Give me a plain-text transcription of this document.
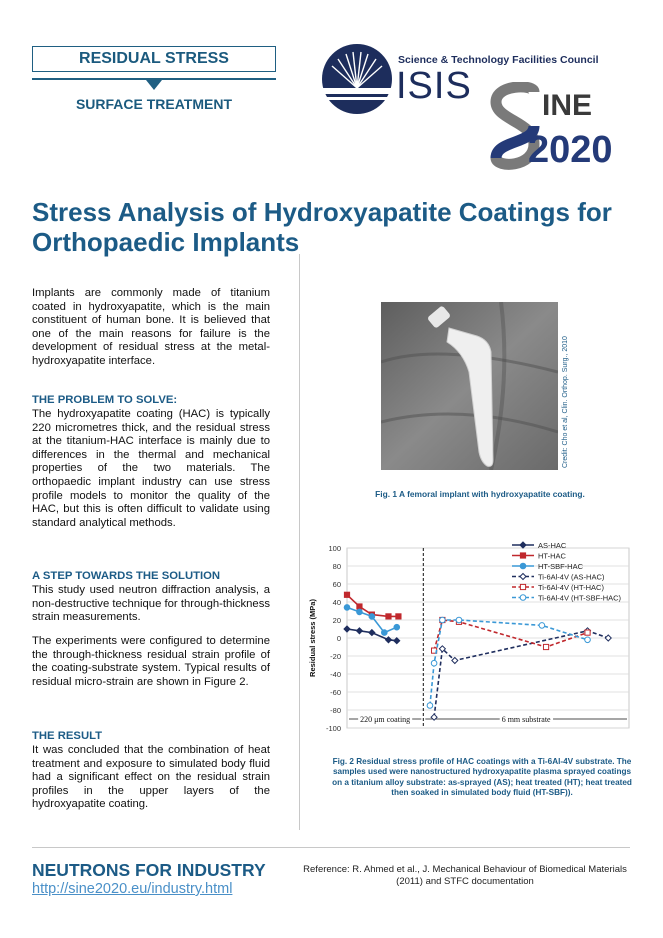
RESIDUAL STRESS
SURFACE TREATMENT
Science & Technology Facilities Council
ISIS INE
2020
Stress Analysis of Hydroxyapatite Coatings for Orthopaedic Implants
Implants are commonly made of titanium coated in hydroxyapatite, which is the main constituent of human bone. It is believed that one of the main reasons for failure is the development of residual stress at the metal-hydroxyapatite interface.
THE PROBLEM TO SOLVE:
The hydroxyapatite coating (HAC) is typically 220 micrometres thick, and the residual stress at the titanium-HAC interface is mainly due to differences in the thermal and mechanical properties of the two materials. The orthopaedic implant industry can use stress profile models to monitor the quality of the HAC, but this is often difficult to validate using standard analytical methods.
A STEP TOWARDS THE SOLUTION
This study used neutron diffraction analysis, a non-destructive technique for through-thickness strain measurements.
The experiments were configured to determine the through-thickness residual strain profile of the coating-substrate system. Typical results of residual micro-strain are shown in Figure 2.
THE RESULT
It was concluded that the combination of heat treatment and exposure to simulated body fluid had a significant effect on the residual strain profiles in the upper layers of the hydroxyapatite coating.
Credit: Cho et al, Clin. Orthop. Surg., 2010
Fig. 1 A femoral implant with hydroxyapatite coating.
100
80
60
40
20
0
-20
-40
-60
-80
-100
Residual stress (MPa)
220 μm coating	6 mm substrate
AS-HAC
HT-HAC
HT-SBF-HAC
Ti-6Al-4V (AS-HAC)
Ti-6Al-4V (HT-HAC)
Ti-6Al-4V (HT-SBF-HAC)
Fig. 2 Residual stress profile of HAC coatings with a Ti-6Al-4V substrate. The samples used were nanostructured hydroxyapatite plasma sprayed coatings on a titanium alloy substrate: as-sprayed (AS); heat treated (HT); heat treated then soaked in simulated body fluid (HT-SBF)).
NEUTRONS FOR INDUSTRY
http://sine2020.eu/industry.html
Reference: R. Ahmed et al., J. Mechanical Behaviour of Biomedical Materials (2011) and STFC documentation
